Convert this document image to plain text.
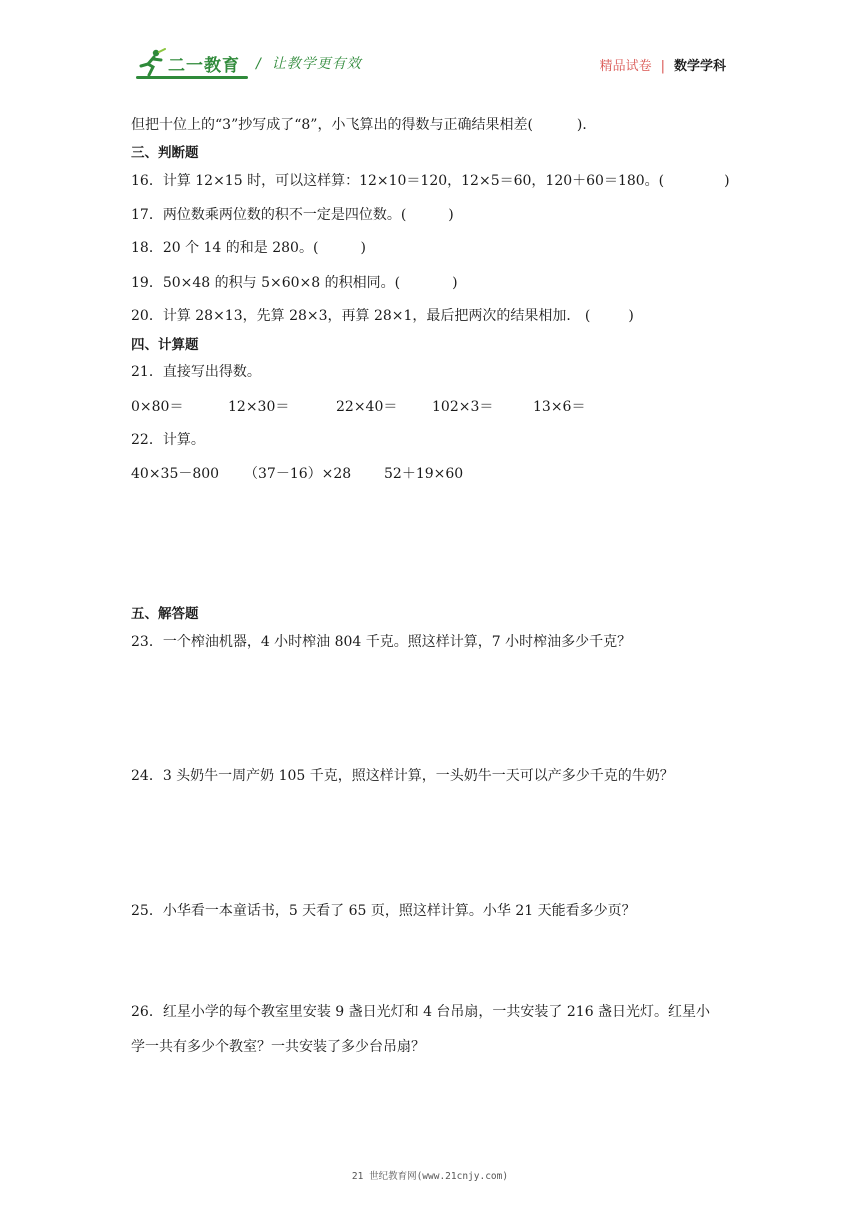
二一教育 / 让教学更有效	精品试卷 | 数学学科
但把十位上的“3”抄写成了“8”，小飞算出的得数与正确结果相差(	)．
三、判断题
16．计算 12×15 时，可以这样算：12×10＝120，12×5＝60，120＋60＝180。(	)
17．两位数乘两位数的积不一定是四位数。(	)
18．20 个 14 的和是 280。(	)
19．50×48 的积与 5×60×8 的积相同。(	)
20．计算 28×13，先算 28×3，再算 28×1，最后把两次的结果相加． (	)
四、计算题
21．直接写出得数。
0×80＝	12×30＝	22×40＝ 102×3＝	13×6＝
22．计算。
40×35－800 （37－16）×28 52＋19×60
五、解答题
23．一个榨油机器，4 小时榨油 804 千克。照这样计算，7 小时榨油多少千克？
24．3 头奶牛一周产奶 105 千克，照这样计算，一头奶牛一天可以产多少千克的牛奶？
25．小华看一本童话书，5 天看了 65 页，照这样计算。小华 21 天能看多少页？
26．红星小学的每个教室里安装 9 盏日光灯和 4 台吊扇，一共安装了 216 盏日光灯。红星小
学一共有多少个教室？一共安装了多少台吊扇？
21 世纪教育网(www.21cnjy.com)
